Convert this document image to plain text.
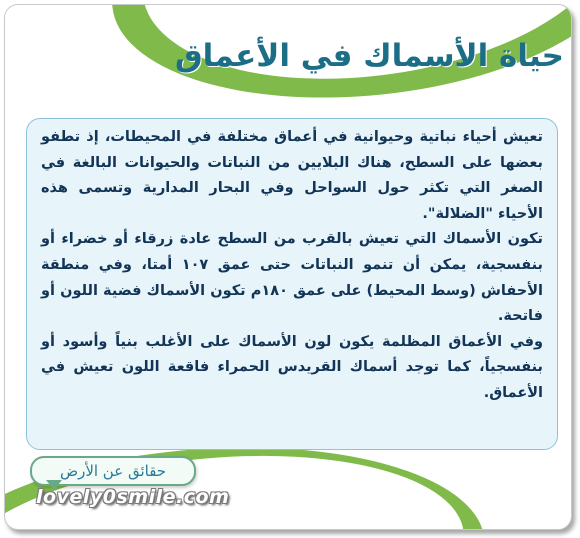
حياة الأسماك في الأعماق

تعيش أحياء نباتية وحيوانية في أعماق مختلفة في المحيطات، إذ تطفو بعضها على السطح، هناك البلايين من النباتات والحيوانات البالغة في الصغر التي تكثر حول السواحل وفي البحار المدارية وتسمى هذه الأحياء "الضلالة".

تكون الأسماك التي تعيش بالقرب من السطح عادة زرقاء أو خضراء أو بنفسجية، يمكن أن تنمو النباتات حتى عمق ١٠٧ أمتا، وفي منطقة الأحفاش (وسط المحيط) على عمق ١٨٠م تكون الأسماك فضية اللون أو فاتحة.

وفي الأعماق المظلمة يكون لون الأسماك على الأغلب بنياً وأسود أو بنفسجياً، كما توجد أسماك القريدس الحمراء فاقعة اللون تعيش في الأعماق.

حقائق عن الأرض
lovely0smile.com
